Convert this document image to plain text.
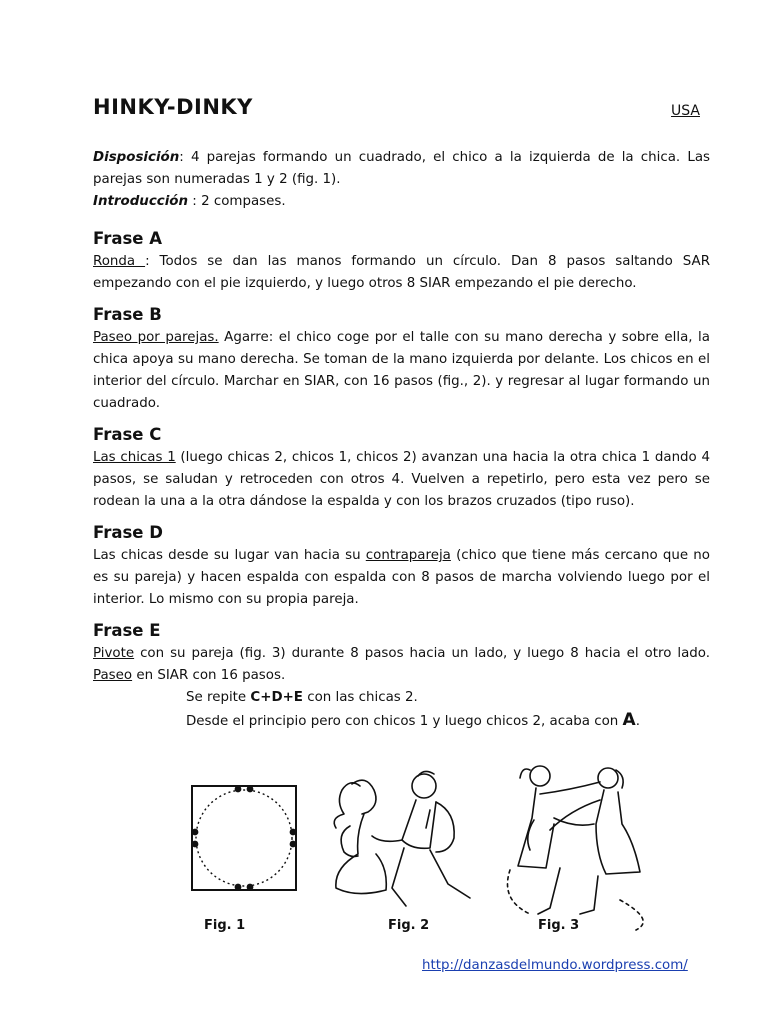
HINKY-DINKY	USA
Disposición: 4 parejas formando un cuadrado, el chico a la izquierda de la chica. Las parejas son numeradas 1 y 2 (fig. 1).
Introducción : 2 compases.
Frase A

Ronda : Todos se dan las manos formando un círculo. Dan 8 pasos saltando SAR empezando con el pie izquierdo, y luego otros 8 SIAR empezando el pie derecho.

Frase B

Paseo por parejas. Agarre: el chico coge por el talle con su mano derecha y sobre ella, la chica apoya su mano derecha. Se toman de la mano izquierda por delante. Los chicos en el interior del círculo. Marchar en SIAR, con 16 pasos (fig., 2). y regresar al lugar formando un cuadrado.

Frase C

Las chicas 1 (luego chicas 2, chicos 1, chicos 2) avanzan una hacia la otra chica 1 dando 4 pasos, se saludan y retroceden con otros 4. Vuelven a repetirlo, pero esta vez pero se rodean la una a la otra dándose la espalda y con los brazos cruzados (tipo ruso).

Frase D

Las chicas desde su lugar van hacia su contrapareja (chico que tiene más cercano que no es su pareja) y hacen espalda con espalda con 8 pasos de marcha volviendo luego por el interior. Lo mismo con su propia pareja.

Frase E

Pivote con su pareja (fig. 3) durante 8 pasos hacia un lado, y luego 8 hacia el otro lado. Paseo en SIAR con 16 pasos.

Se repite C+D+E con las chicas 2.
Desde el principio pero con chicos 1 y luego chicos 2, acaba con A.
Fig. 1	Fig. 2	Fig. 3
http://danzasdelmundo.wordpress.com/
